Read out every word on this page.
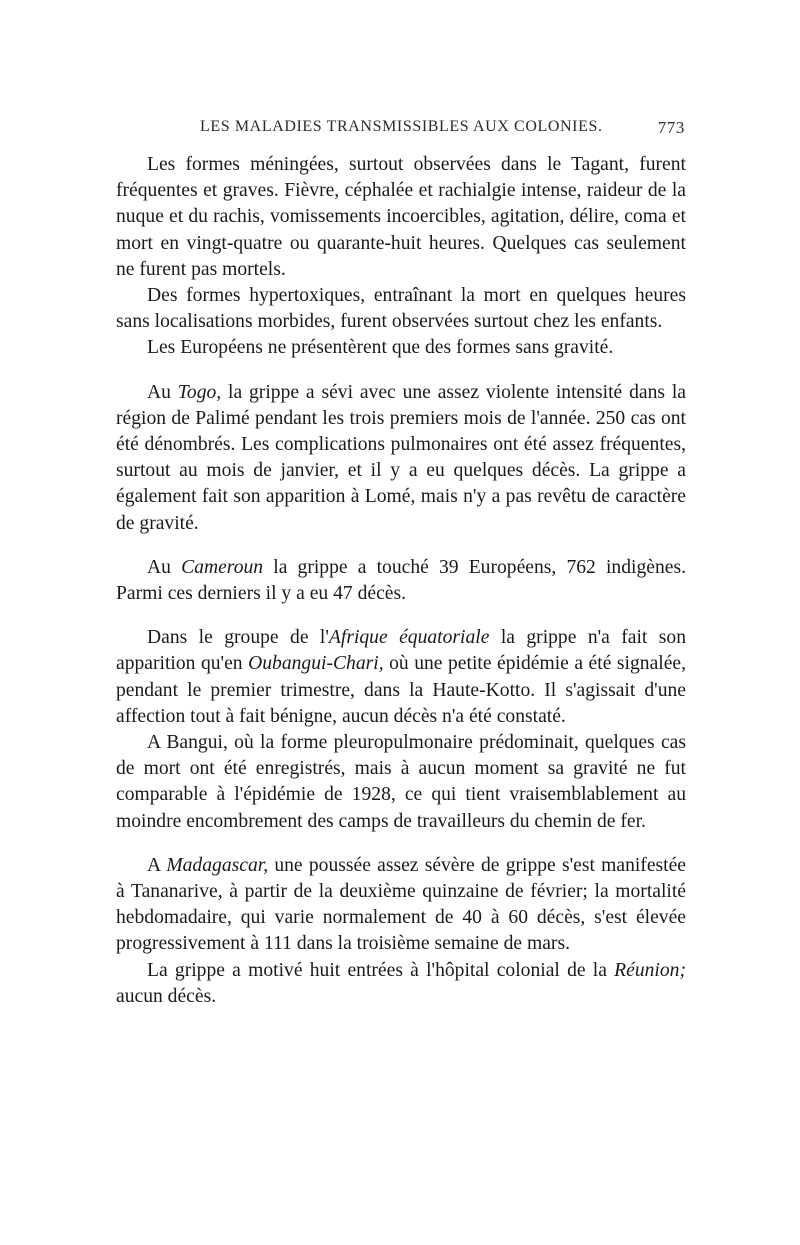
LES MALADIES TRANSMISSIBLES AUX COLONIES.	773

Les formes méningées, surtout observées dans le Tagant, furent fréquentes et graves. Fièvre, céphalée et rachialgie intense, raideur de la nuque et du rachis, vomissements incoercibles, agitation, délire, coma et mort en vingt-quatre ou quarante-huit heures. Quelques cas seulement ne furent pas mortels.

Des formes hypertoxiques, entraînant la mort en quelques heures sans localisations morbides, furent observées surtout chez les enfants.

Les Européens ne présentèrent que des formes sans gravité.

Au Togo, la grippe a sévi avec une assez violente intensité dans la région de Palimé pendant les trois premiers mois de l'année. 250 cas ont été dénombrés. Les complications pulmonaires ont été assez fréquentes, surtout au mois de janvier, et il y a eu quelques décès. La grippe a également fait son apparition à Lomé, mais n'y a pas revêtu de caractère de gravité.

Au Cameroun la grippe a touché 39 Européens, 762 indigènes. Parmi ces derniers il y a eu 47 décès.

Dans le groupe de l'Afrique équatoriale la grippe n'a fait son apparition qu'en Oubangui-Chari, où une petite épidémie a été signalée, pendant le premier trimestre, dans la Haute-Kotto. Il s'agissait d'une affection tout à fait bénigne, aucun décès n'a été constaté.

A Bangui, où la forme pleuropulmonaire prédominait, quelques cas de mort ont été enregistrés, mais à aucun moment sa gravité ne fut comparable à l'épidémie de 1928, ce qui tient vraisemblablement au moindre encombrement des camps de travailleurs du chemin de fer.

A Madagascar, une poussée assez sévère de grippe s'est manifestée à Tananarive, à partir de la deuxième quinzaine de février; la mortalité hebdomadaire, qui varie normalement de 40 à 60 décès, s'est élevée progressivement à 111 dans la troisième semaine de mars.

La grippe a motivé huit entrées à l'hôpital colonial de la Réunion; aucun décès.
